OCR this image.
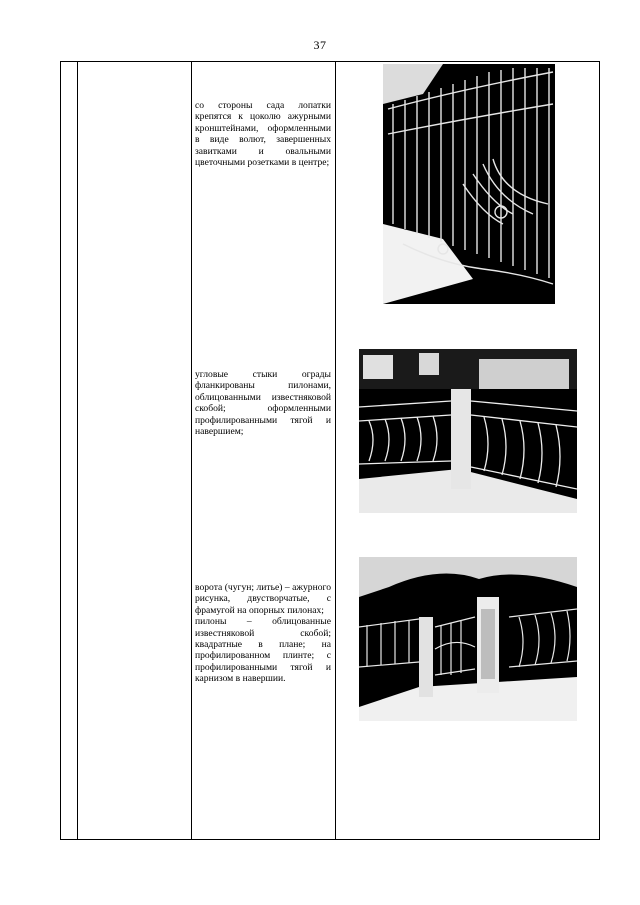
37
со стороны сада лопатки крепятся к цоколю ажурными кронштейнами, оформленными в виде волют, завершенных завитками и овальными цветочными розетками в центре;
угловые стыки ограды фланкированы пилонами, облицованными известняковой скобой; оформленными профилированными тягой и навершием;
ворота (чугун; литье) – ажурного рисунка, двустворчатые, с фрамугой на опорных пилонах;
пилоны – облицованные известняковой скобой; квадратные в плане; на профилированном плинте; с профилированными тягой и карнизом в навершии.
